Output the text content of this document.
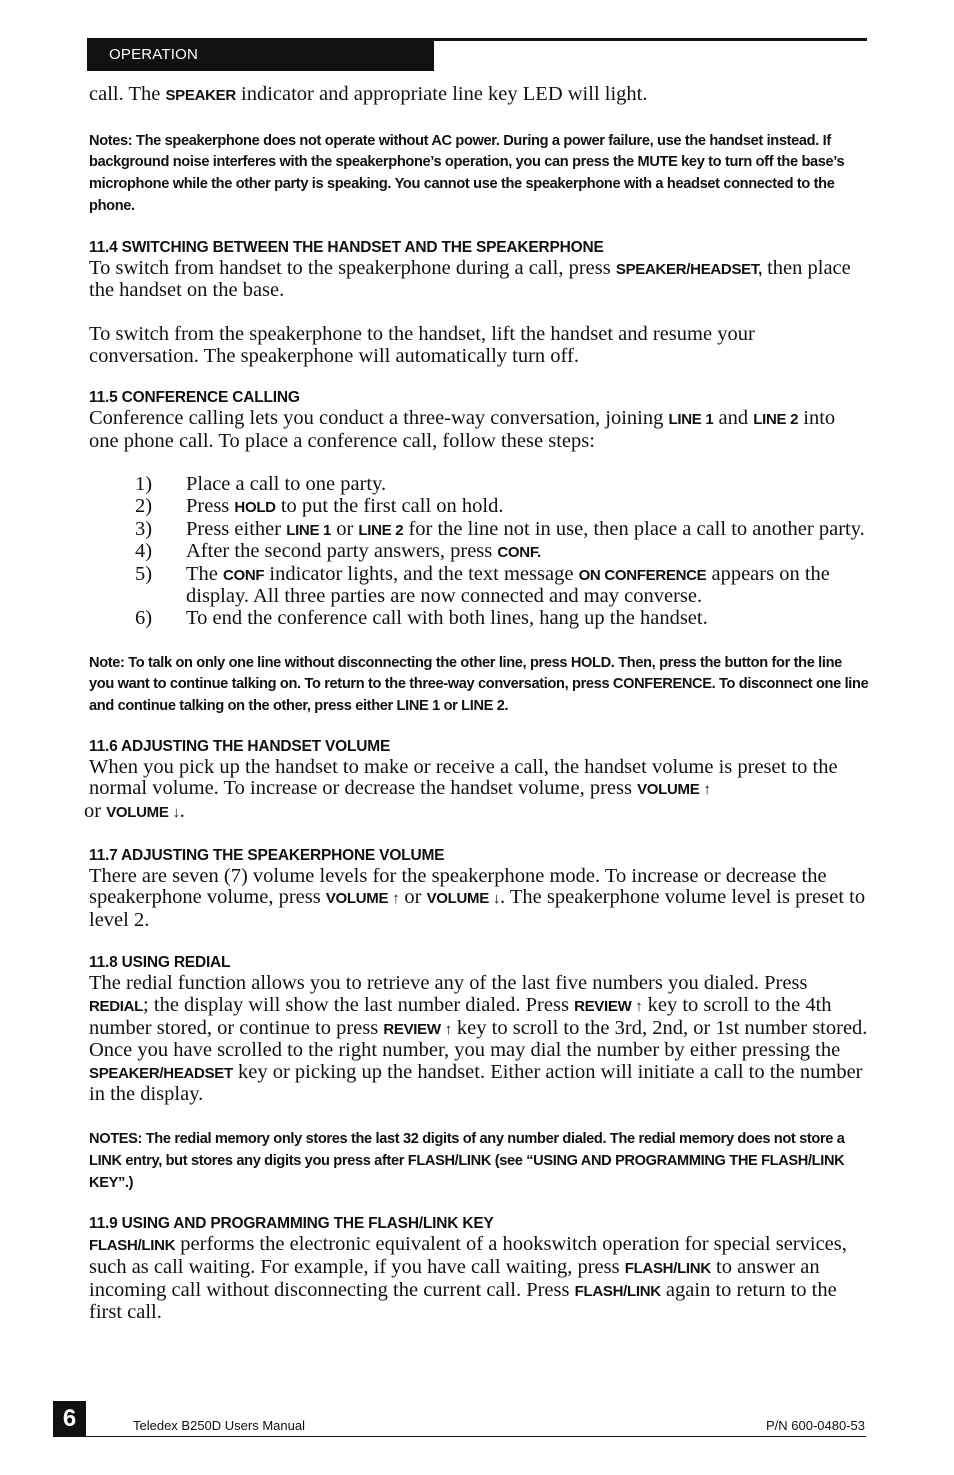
OPERATION

call. The SPEAKER indicator and appropriate line key LED will light.

Notes: The speakerphone does not operate without AC power. During a power failure, use the handset instead. If background noise interferes with the speakerphone’s operation, you can press the MUTE key to turn off the base’s microphone while the other party is speaking. You cannot use the speakerphone with a headset connected to the phone.

11.4 SWITCHING BETWEEN THE HANDSET AND THE SPEAKERPHONE

To switch from handset to the speakerphone during a call, press SPEAKER/HEADSET, then place the handset on the base.

To switch from the speakerphone to the handset, lift the handset and resume your conversation. The speakerphone will automatically turn off.

11.5 CONFERENCE CALLING

Conference calling lets you conduct a three-way conversation, joining LINE 1 and LINE 2 into one phone call. To place a conference call, follow these steps:

1)	Place a call to one party.
2)	Press HOLD to put the first call on hold.
3)	Press either LINE 1 or LINE 2 for the line not in use, then place a call to another party.
4)	After the second party answers, press CONF.
5)	The CONF indicator lights, and the text message ON CONFERENCE appears on the display. All three parties are now connected and may converse.
6)	To end the conference call with both lines, hang up the handset.

Note: To talk on only one line without disconnecting the other line, press HOLD. Then, press the button for the line you want to continue talking on. To return to the three-way conversation, press CONFERENCE. To disconnect one line and continue talking on the other, press either LINE 1 or LINE 2.

11.6 ADJUSTING THE HANDSET VOLUME

When you pick up the handset to make or receive a call, the handset volume is preset to the normal volume. To increase or decrease the handset volume, press VOLUME ↑
or VOLUME ↓.

11.7 ADJUSTING THE SPEAKERPHONE VOLUME

There are seven (7) volume levels for the speakerphone mode. To increase or decrease the speakerphone volume, press VOLUME ↑ or VOLUME ↓. The speakerphone volume level is preset to level 2.

11.8 USING REDIAL

The redial function allows you to retrieve any of the last five numbers you dialed. Press REDIAL; the display will show the last number dialed. Press REVIEW ↑ key to scroll to the 4th number stored, or continue to press REVIEW ↑ key to scroll to the 3rd, 2nd, or 1st number stored. Once you have scrolled to the right number, you may dial the number by either pressing the SPEAKER/HEADSET key or picking up the handset. Either action will initiate a call to the number in the display.

NOTES: The redial memory only stores the last 32 digits of any number dialed. The redial memory does not store a LINK entry, but stores any digits you press after FLASH/LINK (see “USING AND PROGRAMMING THE FLASH/LINK KEY”.)

11.9 USING AND PROGRAMMING THE FLASH/LINK KEY

FLASH/LINK performs the electronic equivalent of a hookswitch operation for special services, such as call waiting. For example, if you have call waiting, press FLASH/LINK to answer an incoming call without disconnecting the current call. Press FLASH/LINK again to return to the first call.

6	Teledex B250D Users Manual	P/N 600-0480-53
